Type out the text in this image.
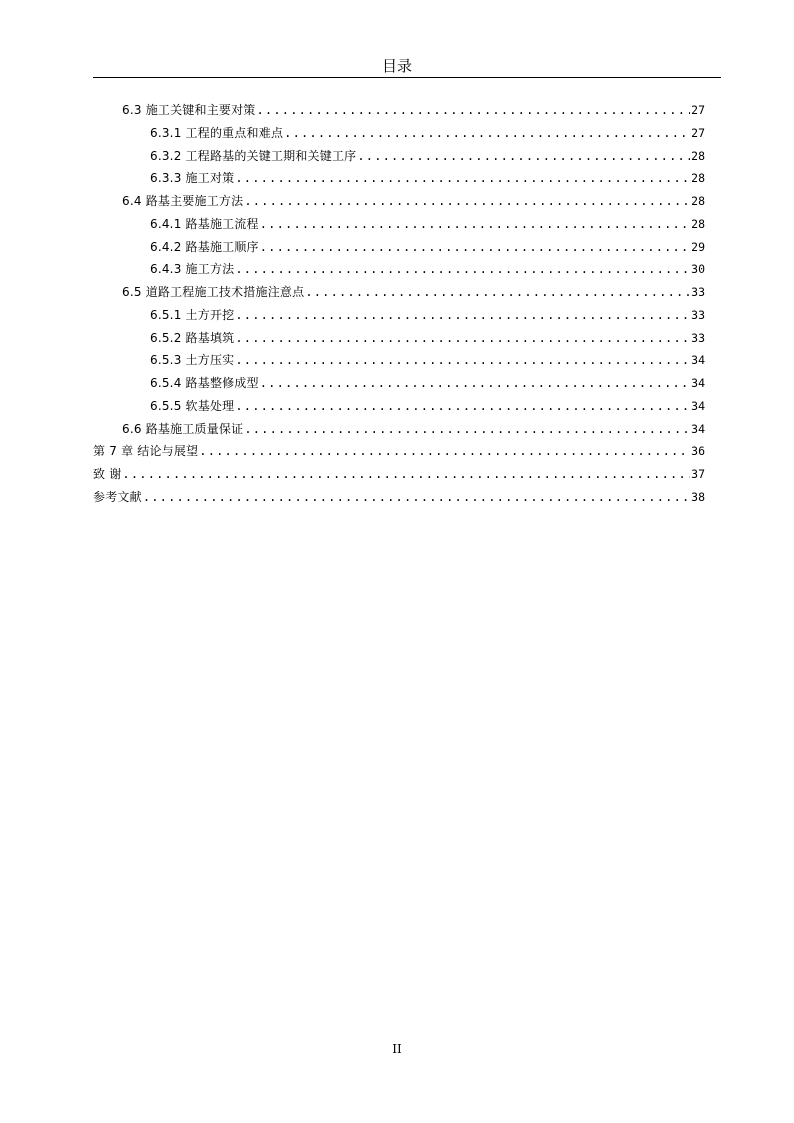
目录
6.3 施工关键和主要对策 .....	27
6.3.1 工程的重点和难点 .....	27
6.3.2 工程路基的关键工期和关键工序 .....	28
6.3.3 施工对策 .....	28
6.4 路基主要施工方法 .....	28
6.4.1 路基施工流程 .....	28
6.4.2 路基施工顺序 .....	29
6.4.3 施工方法 .....	30
6.5 道路工程施工技术措施注意点 .....	33
6.5.1 土方开挖 .....	33
6.5.2 路基填筑 .....	33
6.5.3 土方压实 .....	34
6.5.4 路基整修成型 .....	34
6.5.5 软基处理 .....	34
6.6 路基施工质量保证 .....	34
第 7 章 结论与展望 .....	36
致 谢 .....	37
参考文献 .....	38
II
